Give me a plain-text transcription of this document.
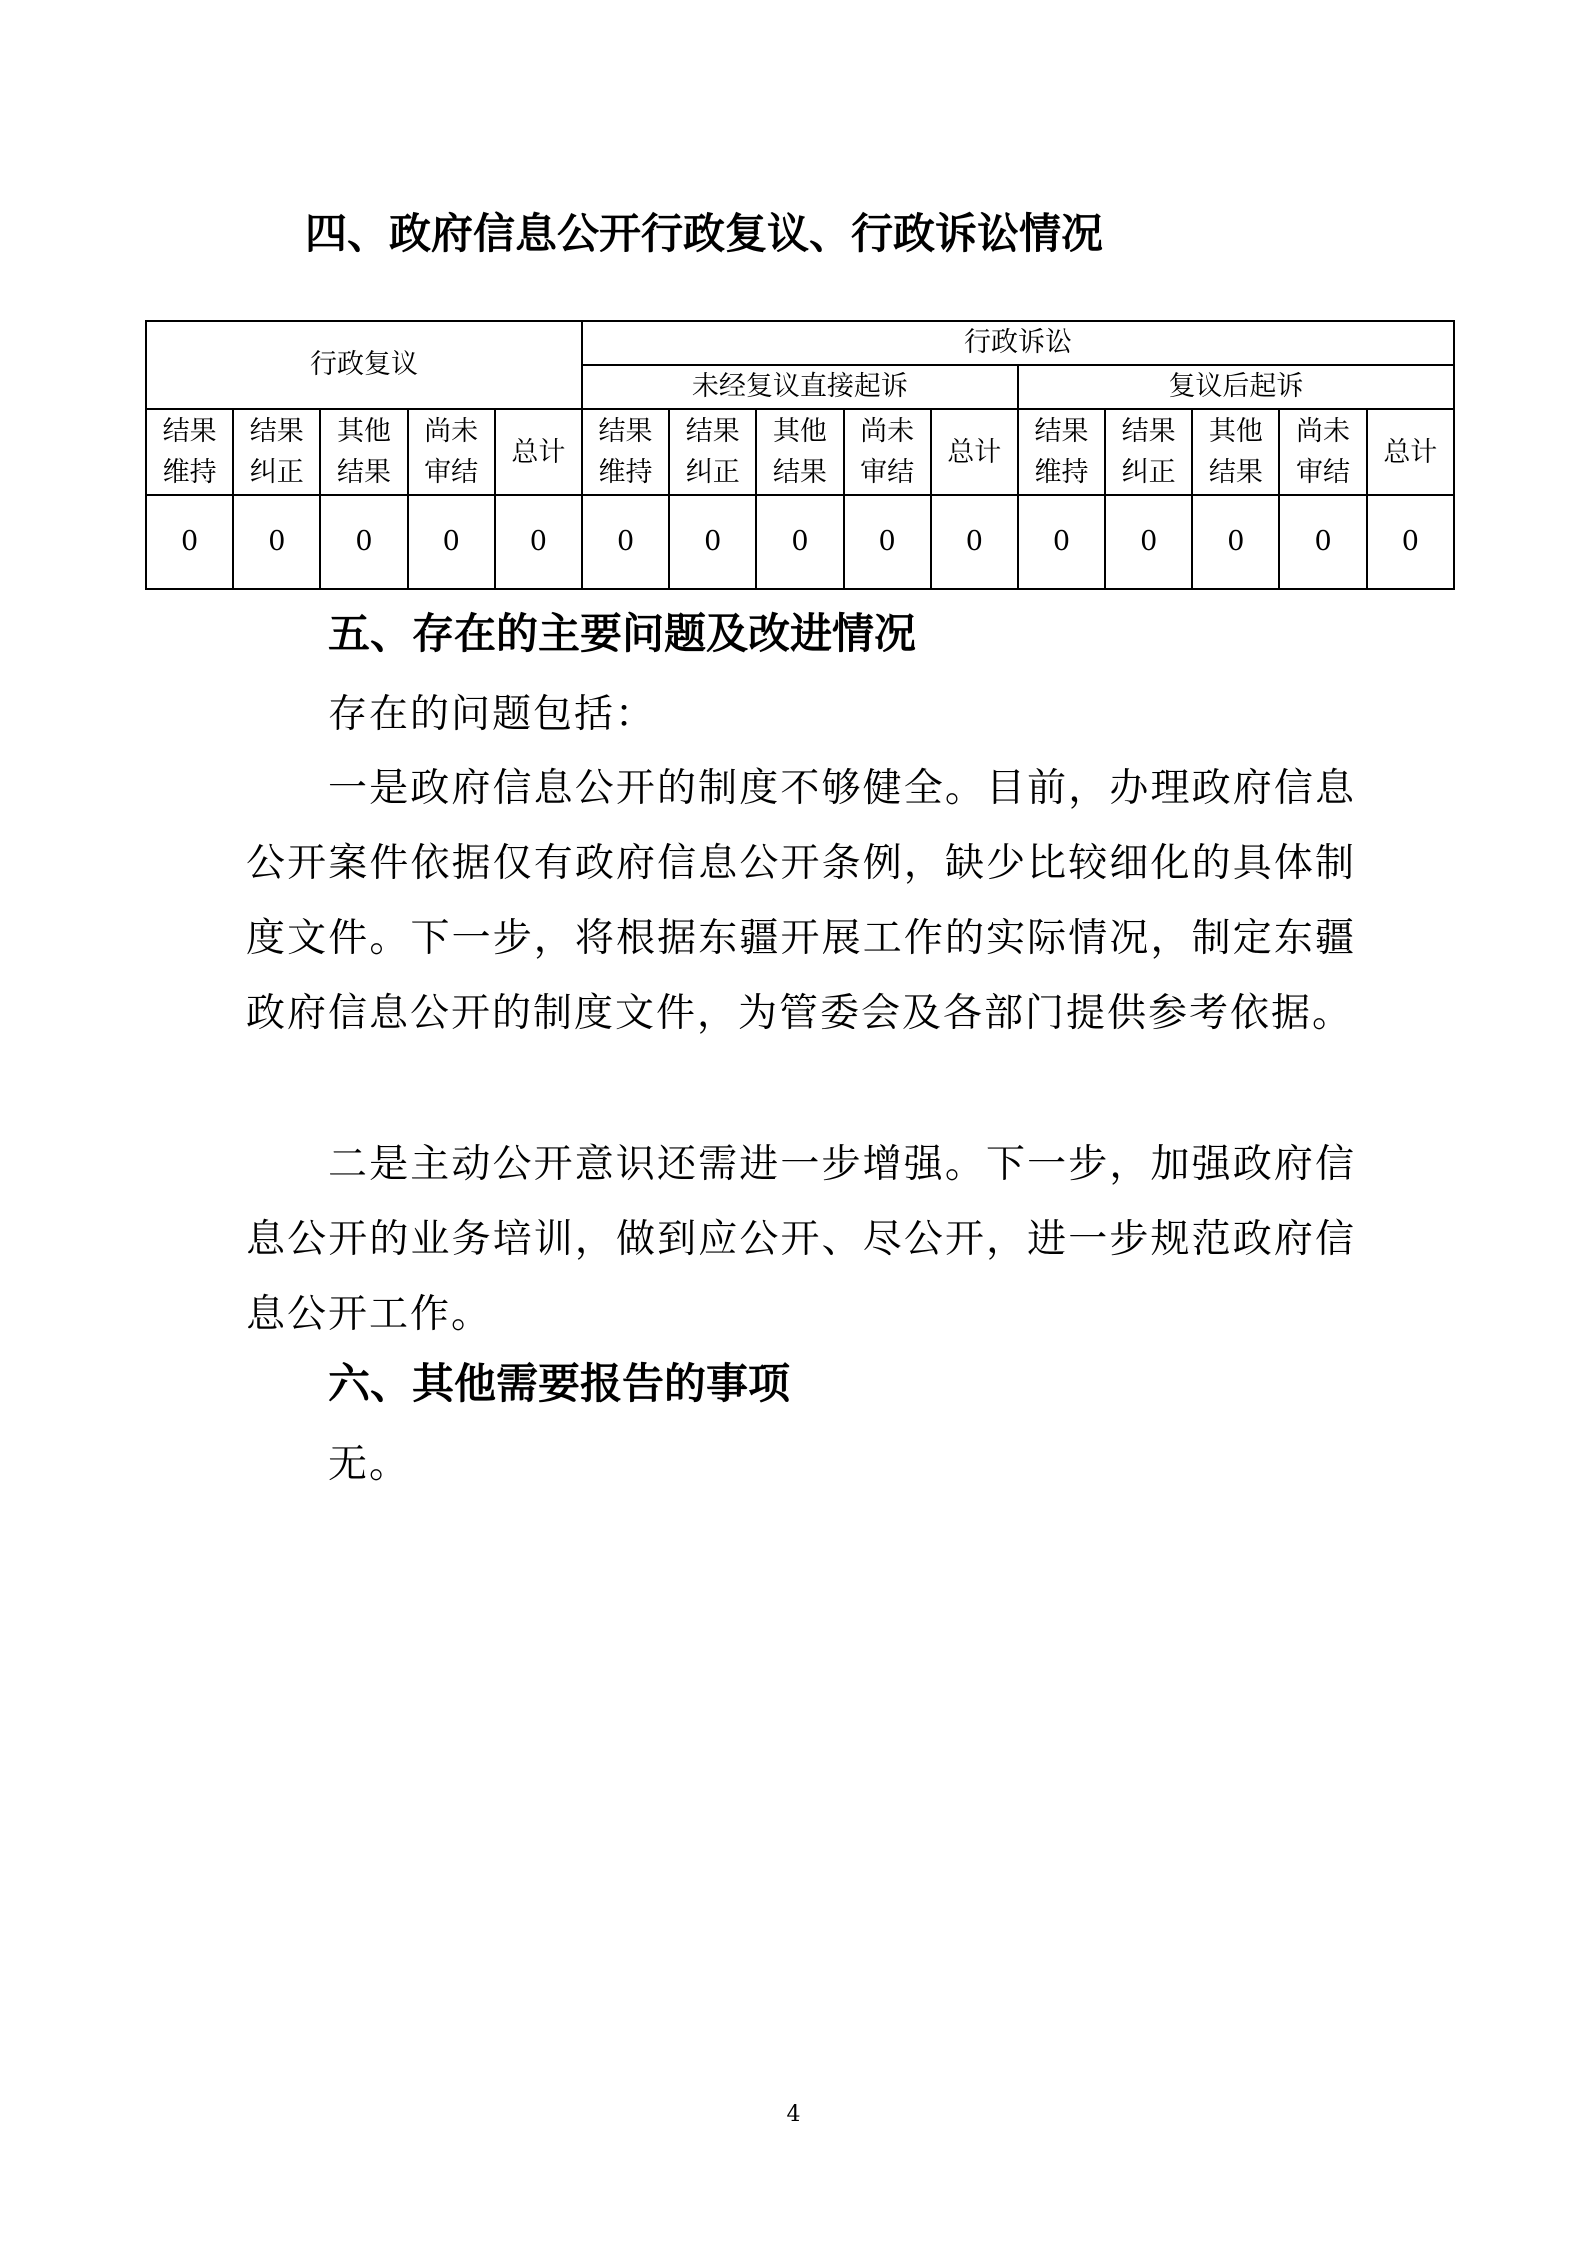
四、政府信息公开行政复议、行政诉讼情况
行政复议					行政诉讼									
					未经复议直接起诉					复议后起诉				
结果维持	结果纠正	其他结果	尚未审结	总计	结果维持	结果纠正	其他结果	尚未审结	总计	结果维持	结果纠正	其他结果	尚未审结	总计
0	0	0	0	0	0	0	0	0	0	0	0	0	0	0
五、存在的主要问题及改进情况

存在的问题包括：

一是政府信息公开的制度不够健全。目前，办理政府信息公开案件依据仅有政府信息公开条例，缺少比较细化的具体制度文件。下一步，将根据东疆开展工作的实际情况，制定东疆政府信息公开的制度文件，为管委会及各部门提供参考依据。

二是主动公开意识还需进一步增强。下一步，加强政府信息公开的业务培训，做到应公开、尽公开，进一步规范政府信息公开工作。

六、其他需要报告的事项

无。

4
